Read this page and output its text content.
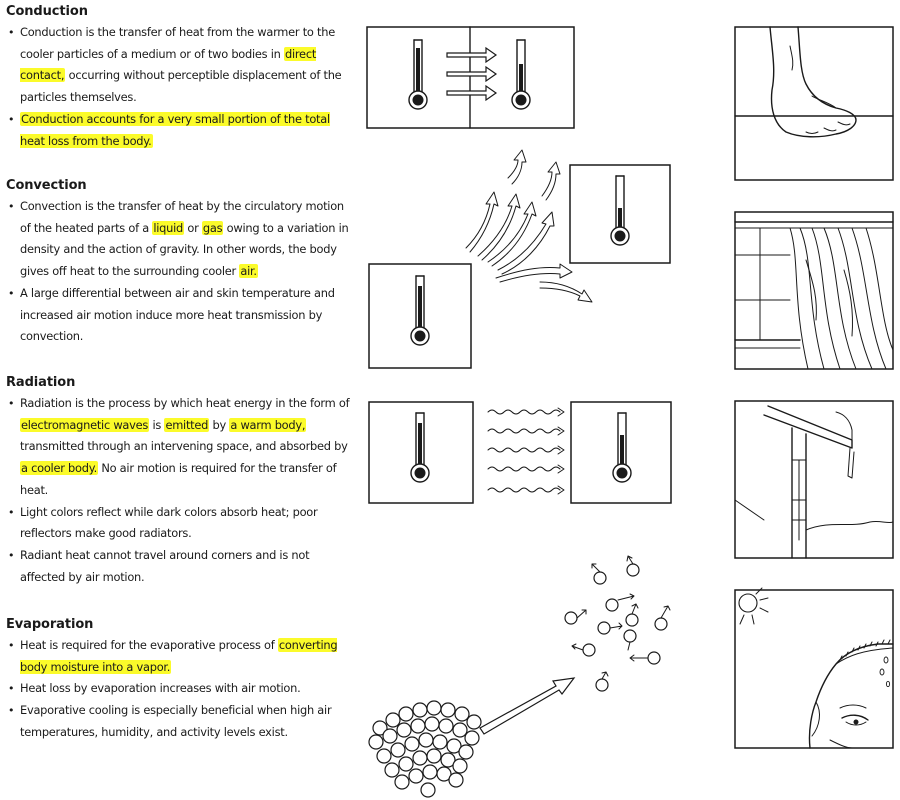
Conduction
• Conduction is the transfer of heat from the warmer to the cooler particles of a medium or of two bodies in direct contact, occurring without perceptible displacement of the particles themselves.
• Conduction accounts for a very small portion of the total heat loss from the body.
Convection
• Convection is the transfer of heat by the circulatory motion of the heated parts of a liquid or gas owing to a variation in density and the action of gravity. In other words, the body gives off heat to the surrounding cooler air.
• A large differential between air and skin temperature and increased air motion induce more heat transmission by convection.
Radiation
• Radiation is the process by which heat energy in the form of electromagnetic waves is emitted by a warm body, transmitted through an intervening space, and absorbed by a cooler body. No air motion is required for the transfer of heat.
• Light colors reflect while dark colors absorb heat; poor reflectors make good radiators.
• Radiant heat cannot travel around corners and is not affected by air motion.
Evaporation
• Heat is required for the evaporative process of converting body moisture into a vapor.
• Heat loss by evaporation increases with air motion.
• Evaporative cooling is especially beneficial when high air temperatures, humidity, and activity levels exist.
